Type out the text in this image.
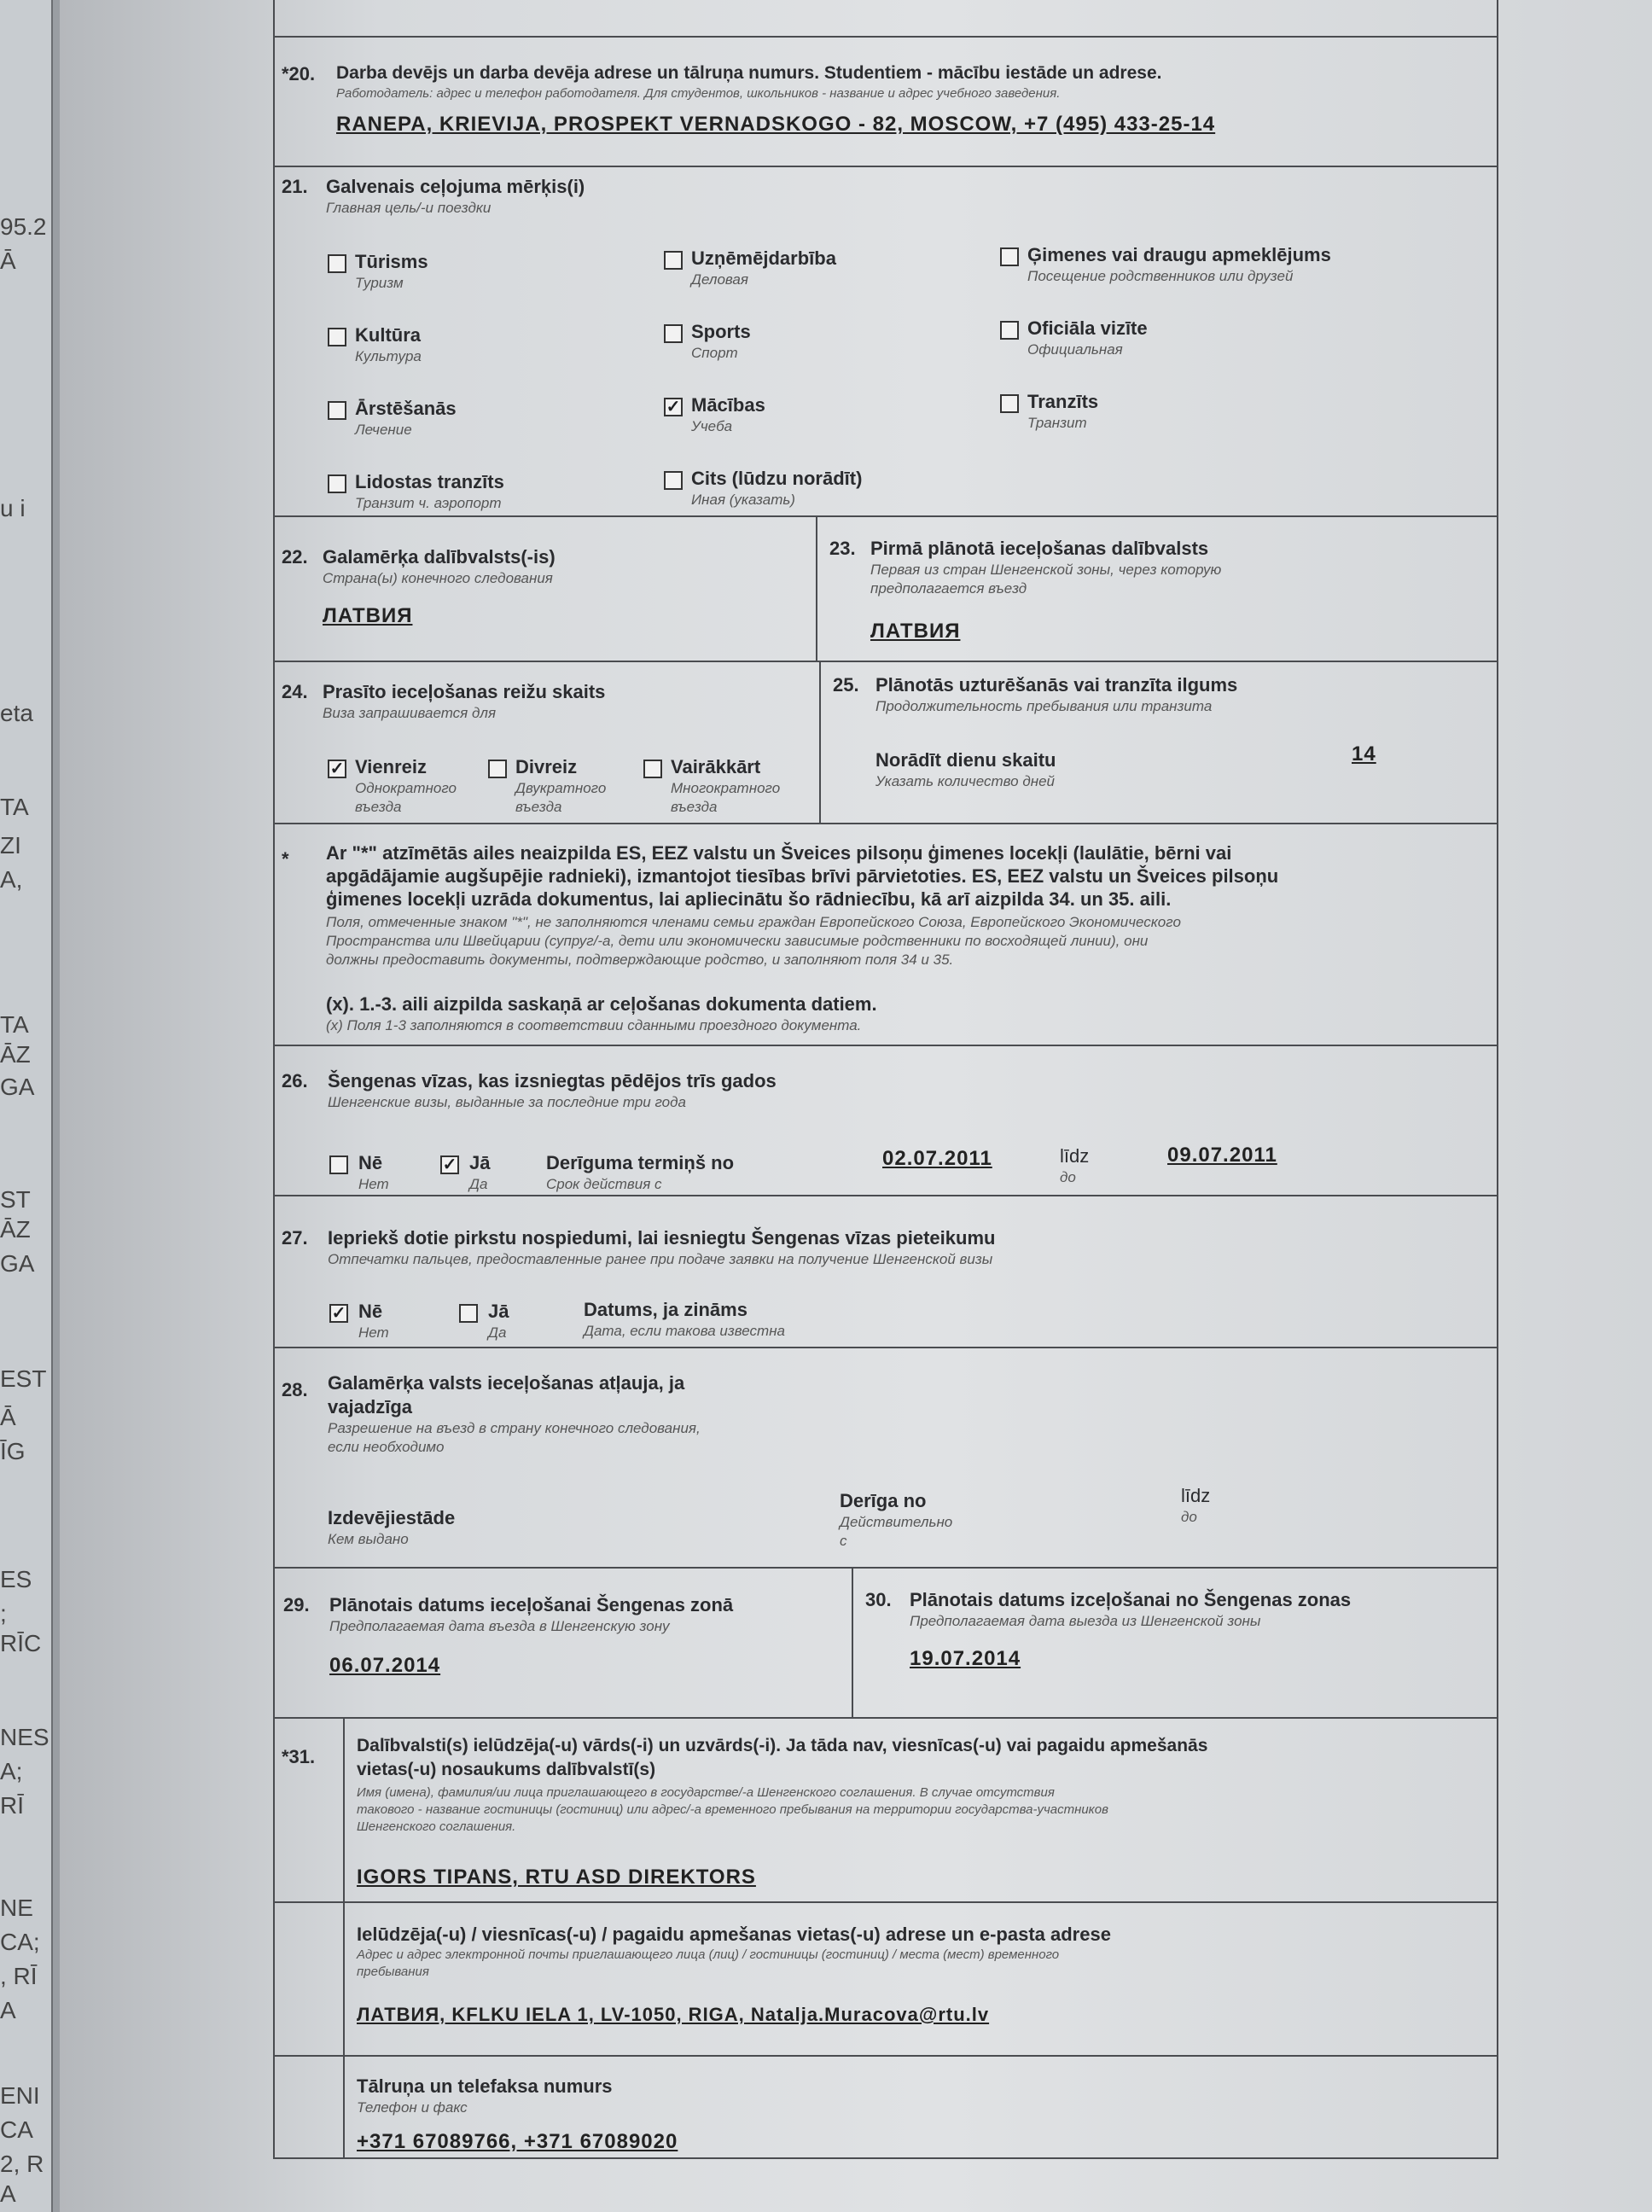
95.2
Ā
u i
eta
TA
ZI
A,
TA
ĀZ
GA
ST
ĀZ
GA
EST
Ā
ĪG
ES
;
RĪC
NES
A;
RĪ
NE
CA;
, RĪ
A
ENI
CA
2, R
A
*20. Darba devējs un darba devēja adrese un tālruņa numurs. Studentiem - mācību iestāde un adrese.
Работодатель: адрес и телефон работодателя. Для студентов, школьников - название и адрес учебного заведения.
RANEPA, KRIEVIJA, PROSPEKT VERNADSKOGO - 82, MOSCOW, +7 (495) 433-25-14
21. Galvenais ceļojuma mērķis(i)
Главная цель/-и поездки
Tūrisms
Туризм
Uzņēmējdarbība
Деловая
Ģimenes vai draugu apmeklējums
Посещение родственников или друзей
Kultūra
Культура
Sports
Спорт
Oficiāla vizīte
Официальная
Ārstēšanās
Лечение
✓ Mācības
Учеба
Tranzīts
Транзит
Lidostas tranzīts
Транзит ч. аэропорт
Cits (lūdzu norādīt)
Иная (указать)
22. Galamērķa dalībvalsts(-is)
Страна(ы) конечного следования
ЛАТВИЯ
23. Pirmā plānotā ieceļošanas dalībvalsts
Первая из стран Шенгенской зоны, через которую
предполагается въезд
ЛАТВИЯ
24. Prasīto ieceļošanas reižu skaits
Виза запрашивается для
✓ Vienreiz
Однократного
въезда
Divreiz
Двукратного
въезда
Vairākkārt
Многократного
въезда
25. Plānotās uzturēšanās vai tranzīta ilgums
Продолжительность пребывания или транзита
Norādīt dienu skaitu
Указать количество дней
14
* Ar "*" atzīmētās ailes neaizpilda ES, EEZ valstu un Šveices pilsoņu ģimenes locekļi (laulātie, bērni vai
apgādājamie augšupējie radnieki), izmantojot tiesības brīvi pārvietoties. ES, EEZ valstu un Šveices pilsoņu
ģimenes locekļi uzrāda dokumentus, lai apliecinātu šo rādniecību, kā arī aizpilda 34. un 35. aili.
Поля, отмеченные знаком "*", не заполняются членами семьи граждан Европейского Союза, Европейского Экономического
Пространства или Швейцарии (супруг/-а, дети или экономически зависимые родственники по восходящей линии), они
должны предоставить документы, подтверждающие родство, и заполняют поля 34 и 35.
(x). 1.-3. aili aizpilda saskaņā ar ceļošanas dokumenta datiem.
(x) Поля 1-3 заполняются в соответствии сданными проездного документа.
26. Šengenas vīzas, kas izsniegtas pēdējos trīs gados
Шенгенские визы, выданные за последние три года
Nē
Нет
✓ Jā
Да
Derīguma termiņš no
Срок действия с
02.07.2011	līdz
до
09.07.2011
27. Iepriekš dotie pirkstu nospiedumi, lai iesniegtu Šengenas vīzas pieteikumu
Отпечатки пальцев, предоставленные ранее при подаче заявки на получение Шенгенской визы
✓ Nē
Нет
Jā
Да
Datums, ja zināms
Дата, если такова известна
28. Galamērķa valsts ieceļošanas atļauja, ja
vajadzīga
Разрешение на въезд в страну конечного следования,
если необходимо
Izdevējiestāde
Кем выдано
Derīga no
Действительно
с
līdz
до
29. Plānotais datums ieceļošanai Šengenas zonā
Предполагаемая дата въезда в Шенгенскую зону
06.07.2014
30. Plānotais datums izceļošanai no Šengenas zonas
Предполагаемая дата выезда из Шенгенской зоны
19.07.2014
*31.
Dalībvalsti(s) ielūdzēja(-u) vārds(-i) un uzvārds(-i). Ja tāda nav, viesnīcas(-u) vai pagaidu apmešanās
vietas(-u) nosaukums dalībvalstī(s)
Имя (имена), фамилия/ии лица приглашающего в государстве/-а Шенгенского соглашения. В случае отсутствия
такового - название гостиницы (гостиниц) или адрес/-а временного пребывания на территории государства-участников
Шенгенского соглашения.
IGORS TIPANS, RTU ASD DIREKTORS
Ielūdzēja(-u) / viesnīcas(-u) / pagaidu apmešanas vietas(-u) adrese un e-pasta adrese
Адрес и адрес электронной почты приглашающего лица (лиц) / гостиницы (гостиниц) / места (мест) временного
пребывания
ЛАТВИЯ, KFLKU IELA 1, LV-1050, RIGA, Natalja.Muracova@rtu.lv
Tālruņa un telefaksa numurs
Телефон и факс
+371 67089766, +371 67089020
